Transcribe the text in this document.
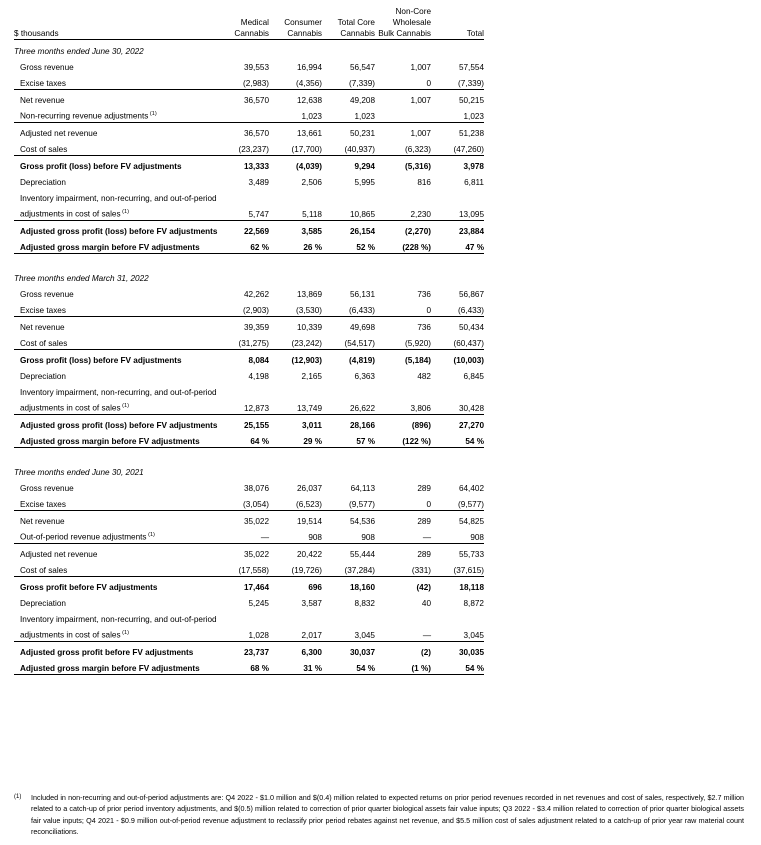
				Non-Core	
	Medical	Consumer	Total Core	Wholesale	
$ thousands	Cannabis	Cannabis	Cannabis	Bulk Cannabis	Total
Three months ended June 30, 2022					
Gross revenue	39,553	16,994	56,547	1,007	57,554
Excise taxes	(2,983)	(4,356)	(7,339)	0	(7,339)
Net revenue	36,570	12,638	49,208	1,007	50,215
Non-recurring revenue adjustments $^{(1)}$		1,023	1,023		1,023
Adjusted net revenue	36,570	13,661	50,231	1,007	51,238
Cost of sales	(23,237)	(17,700)	(40,937)	(6,323)	(47,260)
Gross profit (loss) before FV adjustments	13,333	(4,039)	9,294	(5,316)	3,978
Depreciation	3,489	2,506	5,995	816	6,811
Inventory impairment, non-recurring, and out-of-period					
adjustments in cost of sales $^{(1)}$	5,747	5,118	10,865	2,230	13,095
Adjusted gross profit (loss) before FV adjustments	22,569	3,585	26,154	(2,270)	23,884
Adjusted gross margin before FV adjustments	62 %	26 %	52 %	(228 %)	47 %

Three months ended March 31, 2022					
Gross revenue	42,262	13,869	56,131	736	56,867
Excise taxes	(2,903)	(3,530)	(6,433)	0	(6,433)
Net revenue	39,359	10,339	49,698	736	50,434
Cost of sales	(31,275)	(23,242)	(54,517)	(5,920)	(60,437)
Gross profit (loss) before FV adjustments	8,084	(12,903)	(4,819)	(5,184)	(10,003)
Depreciation	4,198	2,165	6,363	482	6,845
Inventory impairment, non-recurring, and out-of-period					
adjustments in cost of sales $^{(1)}$	12,873	13,749	26,622	3,806	30,428
Adjusted gross profit (loss) before FV adjustments	25,155	3,011	28,166	(896)	27,270
Adjusted gross margin before FV adjustments	64 %	29 %	57 %	(122 %)	54 %

Three months ended June 30, 2021					
Gross revenue	38,076	26,037	64,113	289	64,402
Excise taxes	(3,054)	(6,523)	(9,577)	0	(9,577)
Net revenue	35,022	19,514	54,536	289	54,825
Out-of-period revenue adjustments $^{(1)}$	—	908	908	—	908
Adjusted net revenue	35,022	20,422	55,444	289	55,733
Cost of sales	(17,558)	(19,726)	(37,284)	(331)	(37,615)
Gross profit before FV adjustments	17,464	696	18,160	(42)	18,118
Depreciation	5,245	3,587	8,832	40	8,872
Inventory impairment, non-recurring, and out-of-period					
adjustments in cost of sales $^{(1)}$	1,028	2,017	3,045	—	3,045
Adjusted gross profit before FV adjustments	23,737	6,300	30,037	(2)	30,035
Adjusted gross margin before FV adjustments	68 %	31 %	54 %	(1 %)	54 %
(1) Included in non-recurring and out-of-period adjustments are: Q4 2022 - $1.0 million and $(0.4) million related to expected returns on prior period revenues recorded in net revenues and cost of sales, respectively, $2.7 million related to a catch-up of prior period inventory adjustments, and $(0.5) million related to correction of prior quarter biological assets fair value inputs; Q3 2022 - $3.4 million related to correction of prior quarter biological assets fair value inputs; Q4 2021 - $0.9 million out-of-period revenue adjustment to reclassify prior period rebates against net revenue, and $5.5 million cost of sales adjustment related to a catch-up of prior year raw material count reconciliations.
